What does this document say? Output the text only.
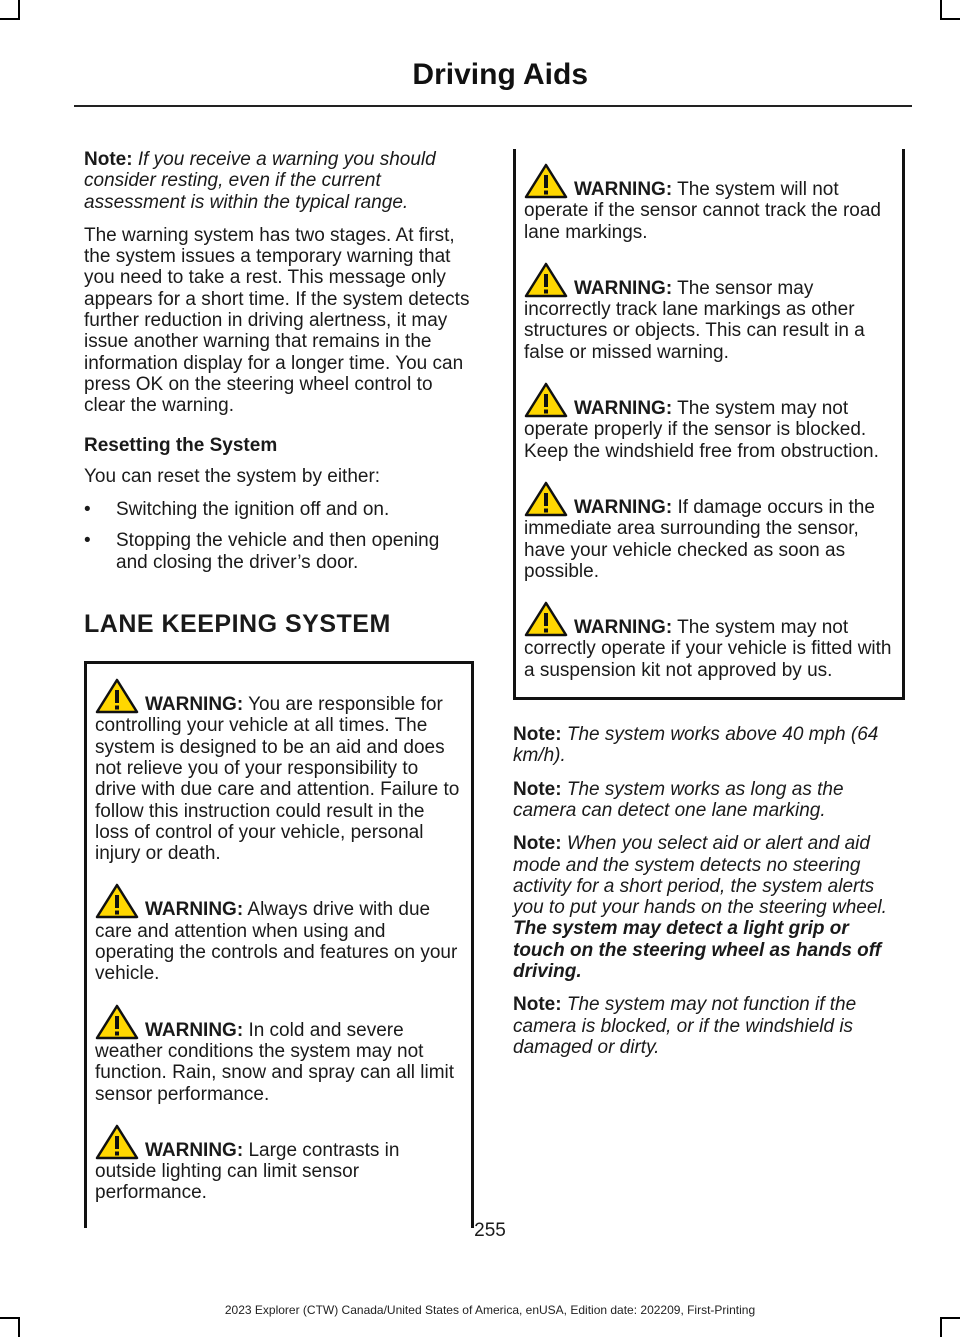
Driving Aids

Note: If you receive a warning you should consider resting, even if the current assessment is within the typical range.

The warning system has two stages. At first, the system issues a temporary warning that you need to take a rest. This message only appears for a short time. If the system detects further reduction in driving alertness, it may issue another warning that remains in the information display for a longer time. You can press OK on the steering wheel control to clear the warning.

Resetting the System

You can reset the system by either:

• Switching the ignition off and on.
• Stopping the vehicle and then opening and closing the driver’s door.
LANE KEEPING SYSTEM

WARNING: You are responsible for controlling your vehicle at all times. The system is designed to be an aid and does not relieve you of your responsibility to drive with due care and attention. Failure to follow this instruction could result in the loss of control of your vehicle, personal injury or death.

WARNING: Always drive with due care and attention when using and operating the controls and features on your vehicle.

WARNING: In cold and severe weather conditions the system may not function. Rain, snow and spray can all limit sensor performance.

WARNING: Large contrasts in outside lighting can limit sensor performance.

WARNING: The system will not operate if the sensor cannot track the road lane markings.

WARNING: The sensor may incorrectly track lane markings as other structures or objects. This can result in a false or missed warning.

WARNING: The system may not operate properly if the sensor is blocked. Keep the windshield free from obstruction.

WARNING: If damage occurs in the immediate area surrounding the sensor, have your vehicle checked as soon as possible.

WARNING: The system may not correctly operate if your vehicle is fitted with a suspension kit not approved by us.

Note: The system works above 40 mph (64 km/h).

Note: The system works as long as the camera can detect one lane marking.

Note: When you select aid or alert and aid mode and the system detects no steering activity for a short period, the system alerts you to put your hands on the steering wheel. The system may detect a light grip or touch on the steering wheel as hands off driving.

Note: The system may not function if the camera is blocked, or if the windshield is damaged or dirty.

255
2023 Explorer (CTW) Canada/United States of America, enUSA, Edition date: 202209, First-Printing
